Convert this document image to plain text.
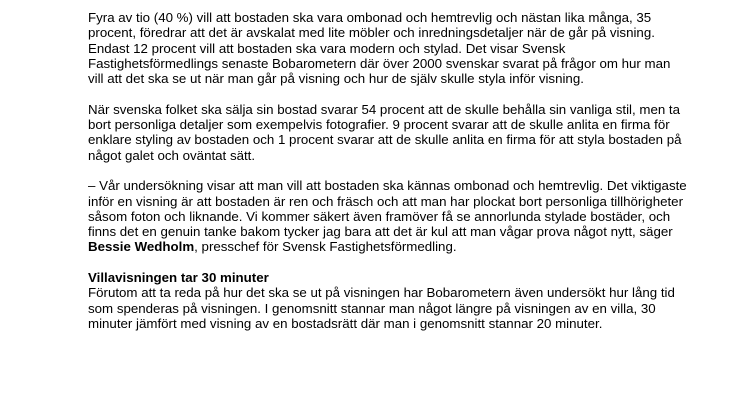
Fyra av tio (40 %) vill att bostaden ska vara ombonad och hemtrevlig och nästan lika många, 35 procent, föredrar att det är avskalat med lite möbler och inredningsdetaljer när de går på visning. Endast 12 procent vill att bostaden ska vara modern och stylad. Det visar Svensk Fastighetsförmedlings senaste Bobarometern där över 2000 svenskar svarat på frågor om hur man vill att det ska se ut när man går på visning och hur de själv skulle styla inför visning.

När svenska folket ska sälja sin bostad svarar 54 procent att de skulle behålla sin vanliga stil, men ta bort personliga detaljer som exempelvis fotografier. 9 procent svarar att de skulle anlita en firma för enklare styling av bostaden och 1 procent svarar att de skulle anlita en firma för att styla bostaden på något galet och oväntat sätt.

– Vår undersökning visar att man vill att bostaden ska kännas ombonad och hemtrevlig. Det viktigaste inför en visning är att bostaden är ren och fräsch och att man har plockat bort personliga tillhörigheter såsom foton och liknande. Vi kommer säkert även framöver få se annorlunda stylade bostäder, och finns det en genuin tanke bakom tycker jag bara att det är kul att man vågar prova något nytt, säger Bessie Wedholm, presschef för Svensk Fastighetsförmedling.

Villavisningen tar 30 minuter
Förutom att ta reda på hur det ska se ut på visningen har Bobarometern även undersökt hur lång tid som spenderas på visningen. I genomsnitt stannar man något längre på visningen av en villa, 30 minuter jämfört med visning av en bostadsrätt där man i genomsnitt stannar 20 minuter.
